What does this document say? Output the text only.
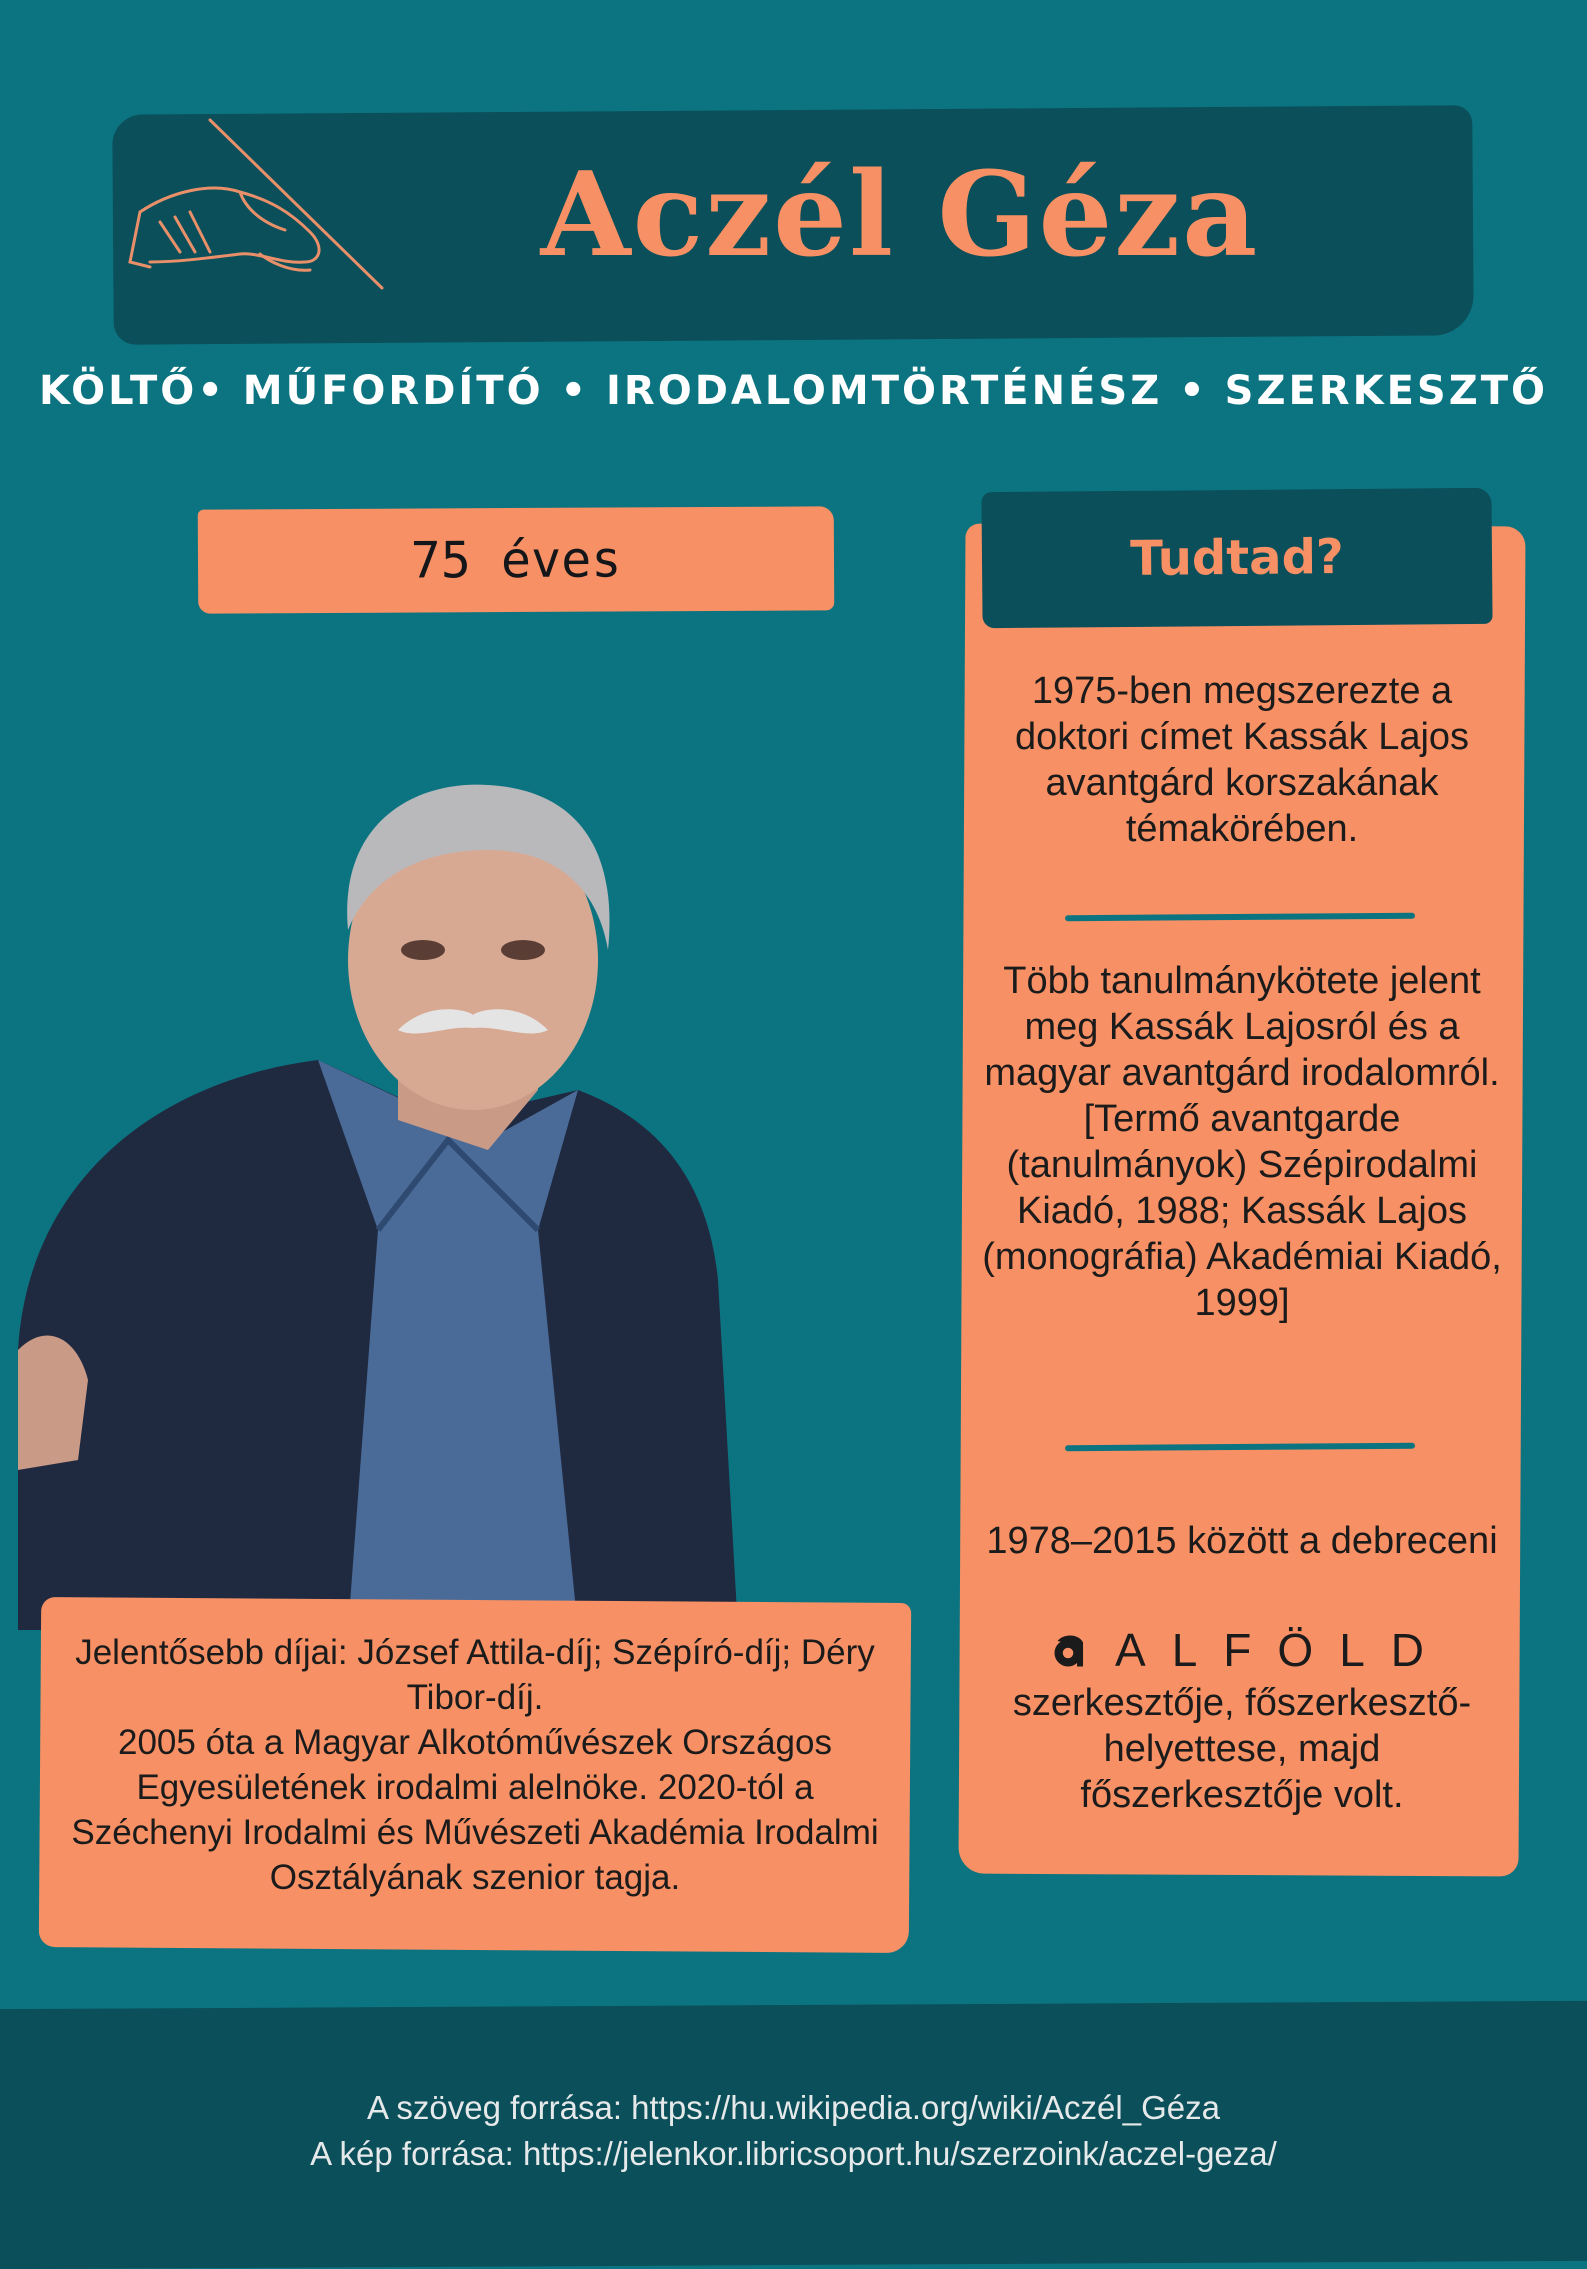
Aczél Géza
KÖLTŐ• MŰFORDÍTÓ • IRODALOMTÖRTÉNÉSZ • SZERKESZTŐ
75 éves	Tudtad?
1975-ben megszerezte a doktori címet Kassák Lajos avantgárd korszakának témakörében.
Több tanulmánykötete jelent meg Kassák Lajosról és a magyar avantgárd irodalomról. [Termő avantgarde (tanulmányok) Szépirodalmi Kiadó, 1988; Kassák Lajos (monográfia) Akadémiai Kiadó, 1999]
1978–2015 között a debreceni
ALFÖLD
szerkesztője, főszerkesztő-helyettese, majd főszerkesztője volt.
Jelentősebb díjai: József Attila-díj; Szépíró-díj; Déry Tibor-díj.
2005 óta a Magyar Alkotóművészek Országos Egyesületének irodalmi alelnöke. 2020-tól a Széchenyi Irodalmi és Művészeti Akadémia Irodalmi Osztályának szenior tagja.
A szöveg forrása: https://hu.wikipedia.org/wiki/Aczél_Géza
A kép forrása: https://jelenkor.libricsoport.hu/szerzoink/aczel-geza/
